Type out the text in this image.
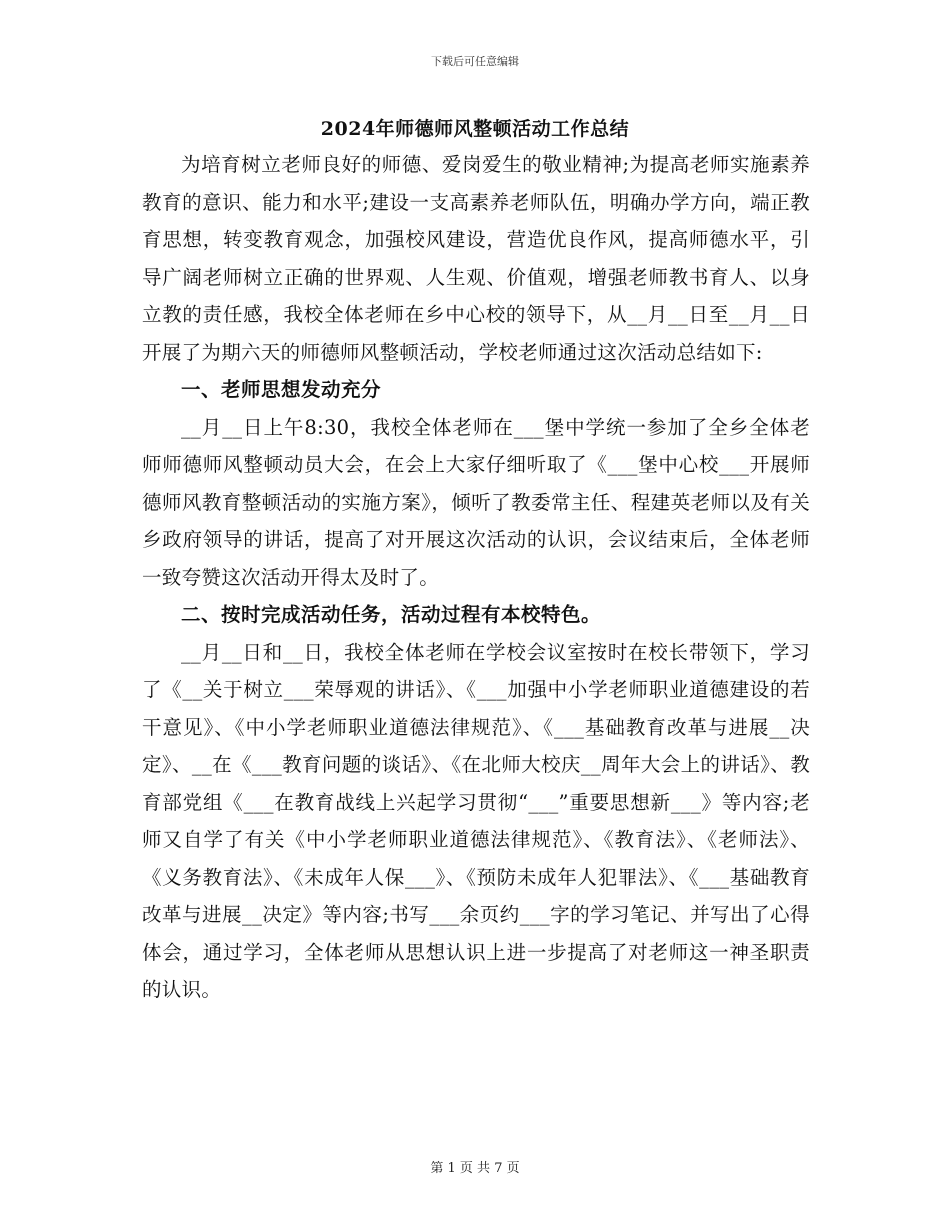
下载后可任意编辑
2024年师德师风整顿活动工作总结

为培育树立老师良好的师德、爱岗爱生的敬业精神;为提高老师实施素养教育的意识、能力和水平;建设一支高素养老师队伍，明确办学方向，端正教育思想，转变教育观念，加强校风建设，营造优良作风，提高师德水平，引导广阔老师树立正确的世界观、人生观、价值观，增强老师教书育人、以身立教的责任感，我校全体老师在乡中心校的领导下，从__月__日至__月__日开展了为期六天的师德师风整顿活动，学校老师通过这次活动总结如下:

一、老师思想发动充分

__月__日上午8:30，我校全体老师在___堡中学统一参加了全乡全体老师师德师风整顿动员大会，在会上大家仔细听取了《___堡中心校___开展师德师风教育整顿活动的实施方案》，倾听了教委常主任、程建英老师以及有关乡政府领导的讲话，提高了对开展这次活动的认识，会议结束后，全体老师一致夸赞这次活动开得太及时了。

二、按时完成活动任务，活动过程有本校特色。

__月__日和__日，我校全体老师在学校会议室按时在校长带领下，学习了《__关于树立___荣辱观的讲话》、《___加强中小学老师职业道德建设的若干意见》、《中小学老师职业道德法律规范》、《___基础教育改革与进展__决定》、__在《___教育问题的谈话》、《在北师大校庆__周年大会上的讲话》、教育部党组《___在教育战线上兴起学习贯彻“___”重要思想新___》等内容;老师又自学了有关《中小学老师职业道德法律规范》、《教育法》、《老师法》、《义务教育法》、《未成年人保___》、《预防未成年人犯罪法》、《___基础教育改革与进展__决定》等内容;书写___余页约___字的学习笔记、并写出了心得体会，通过学习，全体老师从思想认识上进一步提高了对老师这一神圣职责的认识。

第 1 页 共 7 页
